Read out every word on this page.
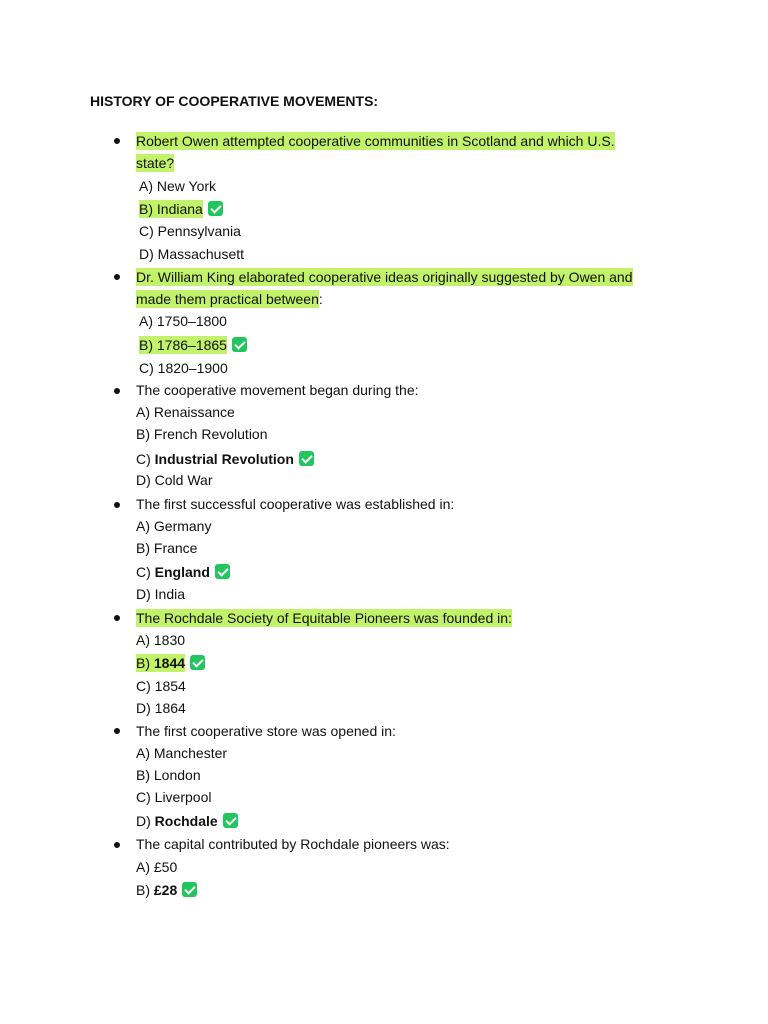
HISTORY OF COOPERATIVE MOVEMENTS:
Robert Owen attempted cooperative communities in Scotland and which U.S.
state?
A) New York
B) Indiana
C) Pennsylvania
D) Massachusett
Dr. William King elaborated cooperative ideas originally suggested by Owen and
made them practical between:
A) 1750–1800
B) 1786–1865
C) 1820–1900
The cooperative movement began during the:
A) Renaissance
B) French Revolution
C) Industrial Revolution
D) Cold War
The first successful cooperative was established in:
A) Germany
B) France
C) England
D) India
The Rochdale Society of Equitable Pioneers was founded in:
A) 1830
B) 1844
C) 1854
D) 1864
The first cooperative store was opened in:
A) Manchester
B) London
C) Liverpool
D) Rochdale
The capital contributed by Rochdale pioneers was:
A) £50
B) £28
